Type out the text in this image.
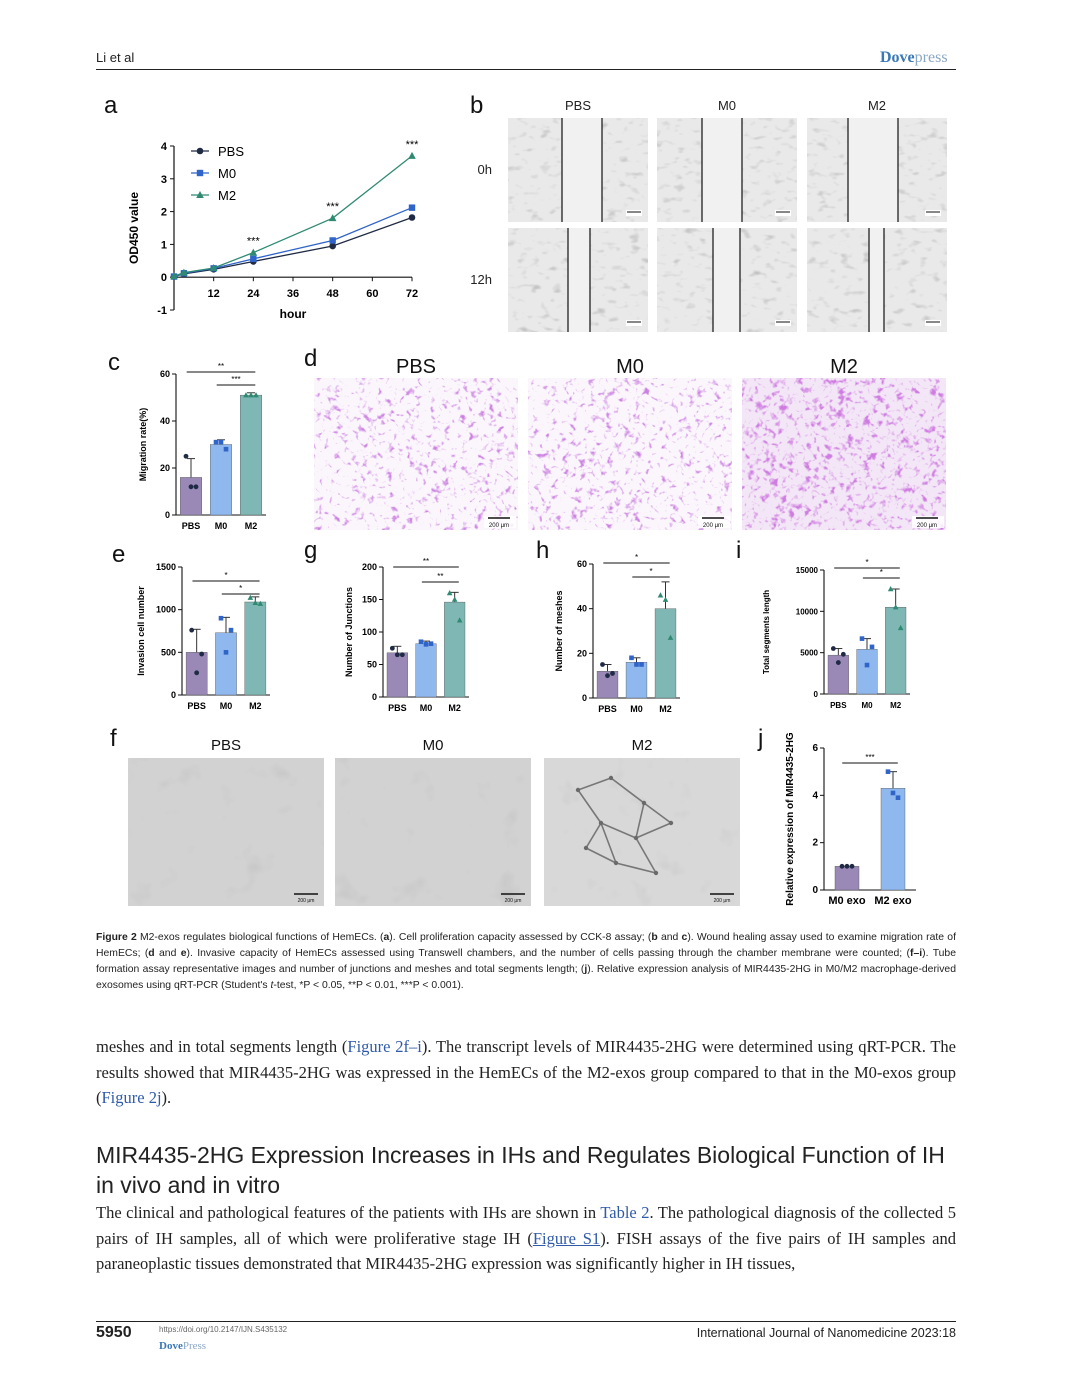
Li et al	Dovepress
a	b
c	d
e	g	h	i
f	j
PBS	M0	M2
0h
12h
PBS
200 μm
M0
200 μm
M2
200 μm
PBS
200 μm
M0
200 μm
M2
200 μm
-1
0
1
2
3
4
12 24 36 48 60 72
hour
OD450 value
PBS
M0
M2
***
***
***
0
20
40
60
Migration rate(%)
PBS M0 M2
**
***
0
500
1000
1500
Invasion cell number
PBS M0 M2
*
*
0
50
100
150
200
Number of Junctions
PBS M0 M2
**
**
0
20
40
60
Number of meshes
PBS M0 M2
*
*
0
5000
10000
15000
Total segments length
PBS M0 M2
*
*
0
2
4
6
Relative expression of MIR4435-2HG	M0 exo M2 exo
***
Figure 2 M2-exos regulates biological functions of HemECs. (a). Cell proliferation capacity assessed by CCK-8 assay; (b and c). Wound healing assay used to examine migration rate of HemECs; (d and e). Invasive capacity of HemECs assessed using Transwell chambers, and the number of cells passing through the chamber membrane were counted; (f–i). Tube formation assay representative images and number of junctions and meshes and total segments length; (j). Relative expression analysis of MIR4435-2HG in M0/M2 macrophage-derived exosomes using qRT-PCR (Student's t-test, *P < 0.05, **P < 0.01, ***P < 0.001).
meshes and in total segments length (Figure 2f–i). The transcript levels of MIR4435-2HG were determined using qRT-PCR. The results showed that MIR4435-2HG was expressed in the HemECs of the M2-exos group compared to that in the M0-exos group (Figure 2j).
MIR4435-2HG Expression Increases in IHs and Regulates Biological Function of IH in vivo and in vitro
The clinical and pathological features of the patients with IHs are shown in Table 2. The pathological diagnosis of the collected 5 pairs of IH samples, all of which were proliferative stage IH (Figure S1). FISH assays of the five pairs of IH samples and paraneoplastic tissues demonstrated that MIR4435-2HG expression was significantly higher in IH tissues,
5950	https://doi.org/10.2147/IJN.S435132
DovePress
International Journal of Nanomedicine 2023:18
